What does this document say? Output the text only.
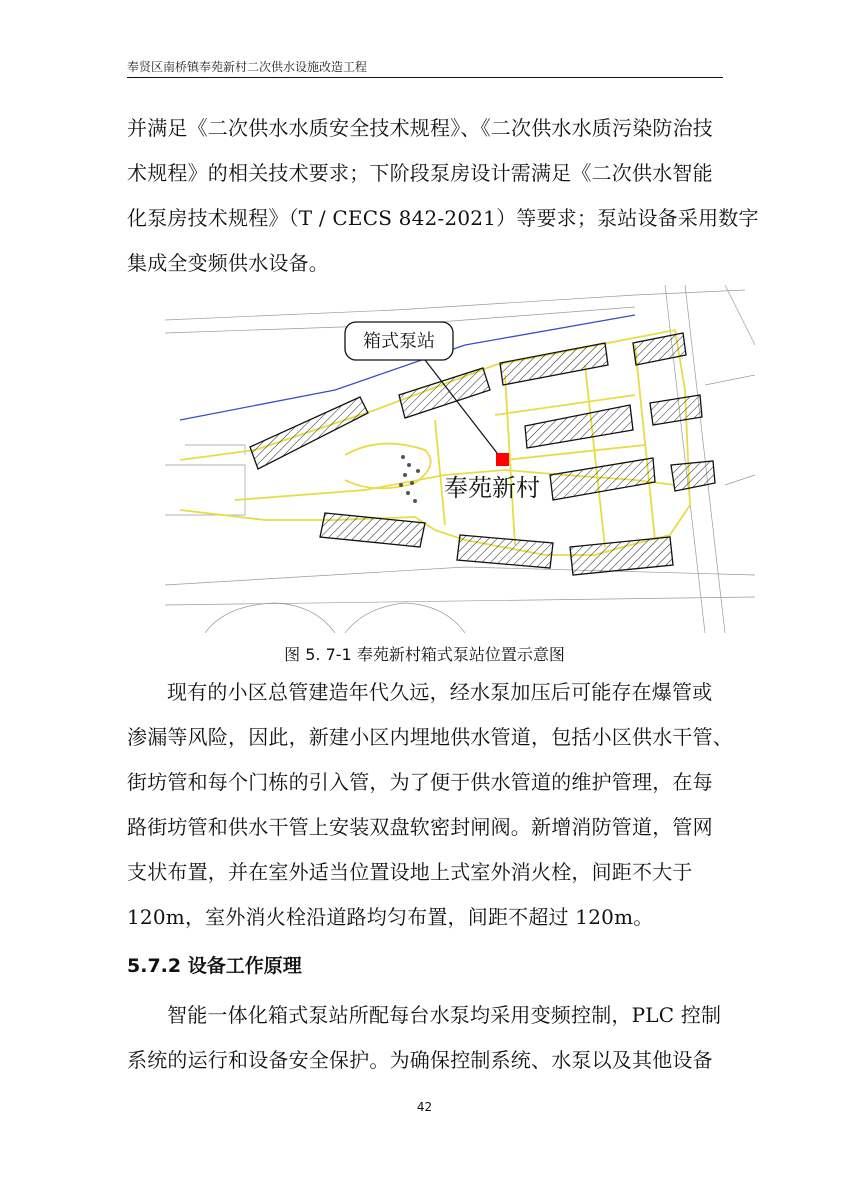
奉贤区南桥镇奉苑新村二次供水设施改造工程

并满足《二次供水水质安全技术规程》、《二次供水水质污染防治技
术规程》的相关技术要求；下阶段泵房设计需满足《二次供水智能
化泵房技术规程》（T / CECS 842-2021）等要求；泵站设备采用数字
集成全变频供水设备。

箱式泵站
奉苑新村
图 5. 7-1 奉苑新村箱式泵站位置示意图

现有的小区总管建造年代久远，经水泵加压后可能存在爆管或
渗漏等风险，因此，新建小区内埋地供水管道，包括小区供水干管、
街坊管和每个门栋的引入管，为了便于供水管道的维护管理，在每
路街坊管和供水干管上安装双盘软密封闸阀。新增消防管道，管网
支状布置，并在室外适当位置设地上式室外消火栓，间距不大于
120m，室外消火栓沿道路均匀布置，间距不超过 120m。

5.7.2 设备工作原理

智能一体化箱式泵站所配每台水泵均采用变频控制，PLC 控制
系统的运行和设备安全保护。为确保控制系统、水泵以及其他设备

42
